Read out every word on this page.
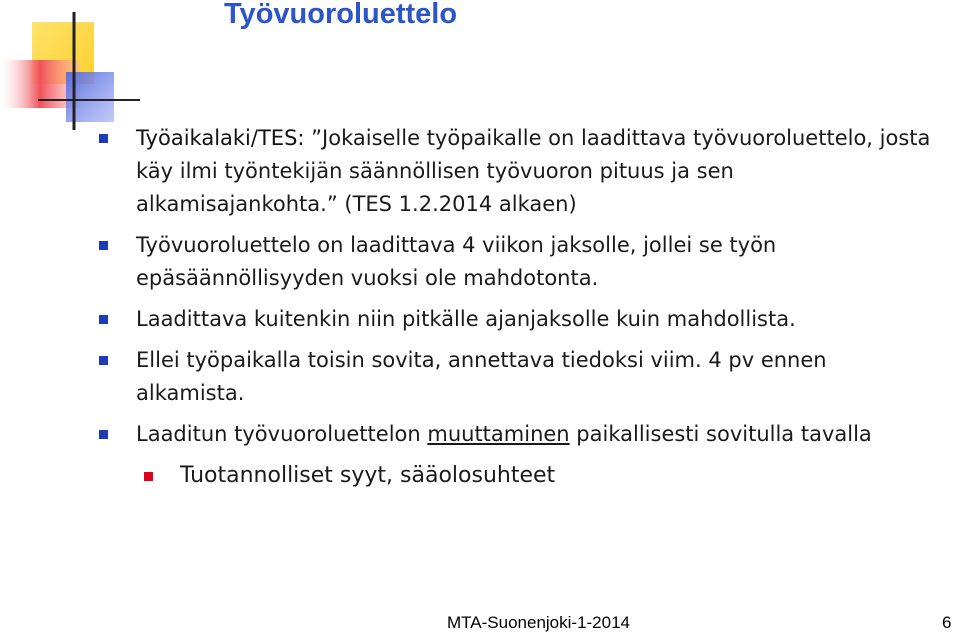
Työvuoroluettelo
Työaikalaki/TES: ”Jokaiselle työpaikalle on laadittava työvuoroluettelo, josta käy ilmi työntekijän säännöllisen työvuoron pituus ja sen alkamisajankohta.” (TES 1.2.2014 alkaen)
Työvuoroluettelo on laadittava 4 viikon jaksolle, jollei se työn epäsäännöllisyyden vuoksi ole mahdotonta.
Laadittava kuitenkin niin pitkälle ajanjaksolle kuin mahdollista.
Ellei työpaikalla toisin sovita, annettava tiedoksi viim. 4 pv ennen alkamista.
Laaditun työvuoroluettelon muuttaminen paikallisesti sovitulla tavalla
Tuotannolliset syyt, sääolosuhteet
MTA-Suonenjoki-1-2014	6
